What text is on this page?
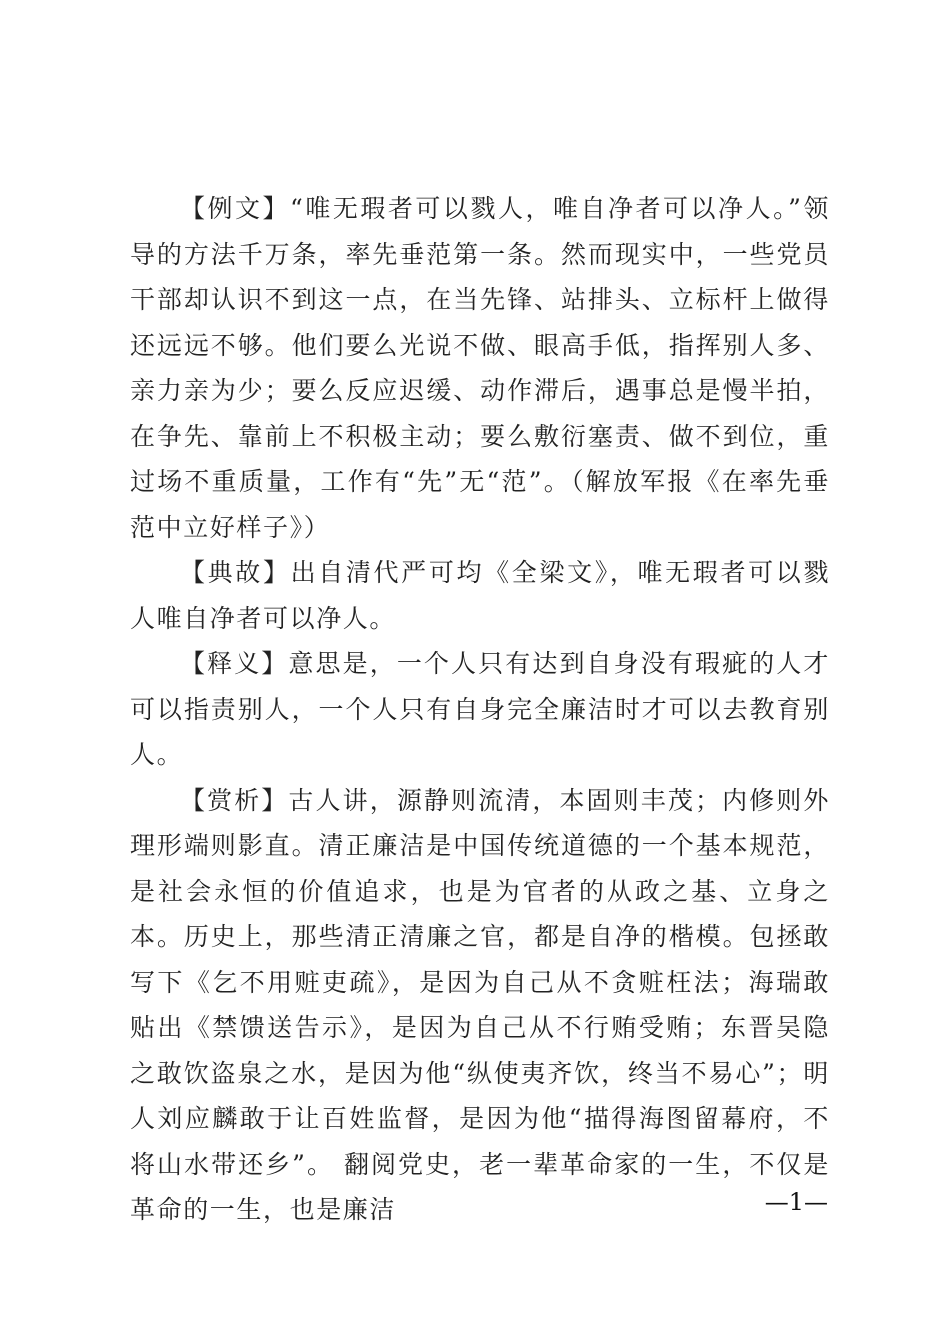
【例文】“唯无瑕者可以戮人，唯自净者可以净人。”领导的方法千万条，率先垂范第一条。然而现实中，一些党员干部却认识不到这一点，在当先锋、站排头、立标杆上做得还远远不够。他们要么光说不做、眼高手低，指挥别人多、亲力亲为少；要么反应迟缓、动作滞后，遇事总是慢半拍，在争先、靠前上不积极主动；要么敷衍塞责、做不到位，重过场不重质量，工作有“先”无“范”。（解放军报《在率先垂范中立好样子》）

【典故】出自清代严可均《全梁文》，唯无瑕者可以戮人唯自净者可以净人。

【释义】意思是，一个人只有达到自身没有瑕疵的人才可以指责别人，一个人只有自身完全廉洁时才可以去教育别人。

【赏析】古人讲，源静则流清，本固则丰茂；内修则外理形端则影直。清正廉洁是中国传统道德的一个基本规范，是社会永恒的价值追求，也是为官者的从政之基、立身之本。历史上，那些清正清廉之官，都是自净的楷模。包拯敢写下《乞不用赃吏疏》，是因为自己从不贪赃枉法；海瑞敢贴出《禁馈送告示》，是因为自己从不行贿受贿；东晋吴隐之敢饮盗泉之水，是因为他“纵使夷齐饮，终当不易心”；明人刘应麟敢于让百姓监督，是因为他“描得海图留幕府，不将山水带还乡”。 翻阅党史，老一辈革命家的一生，不仅是革命的一生，也是廉洁	—1—
